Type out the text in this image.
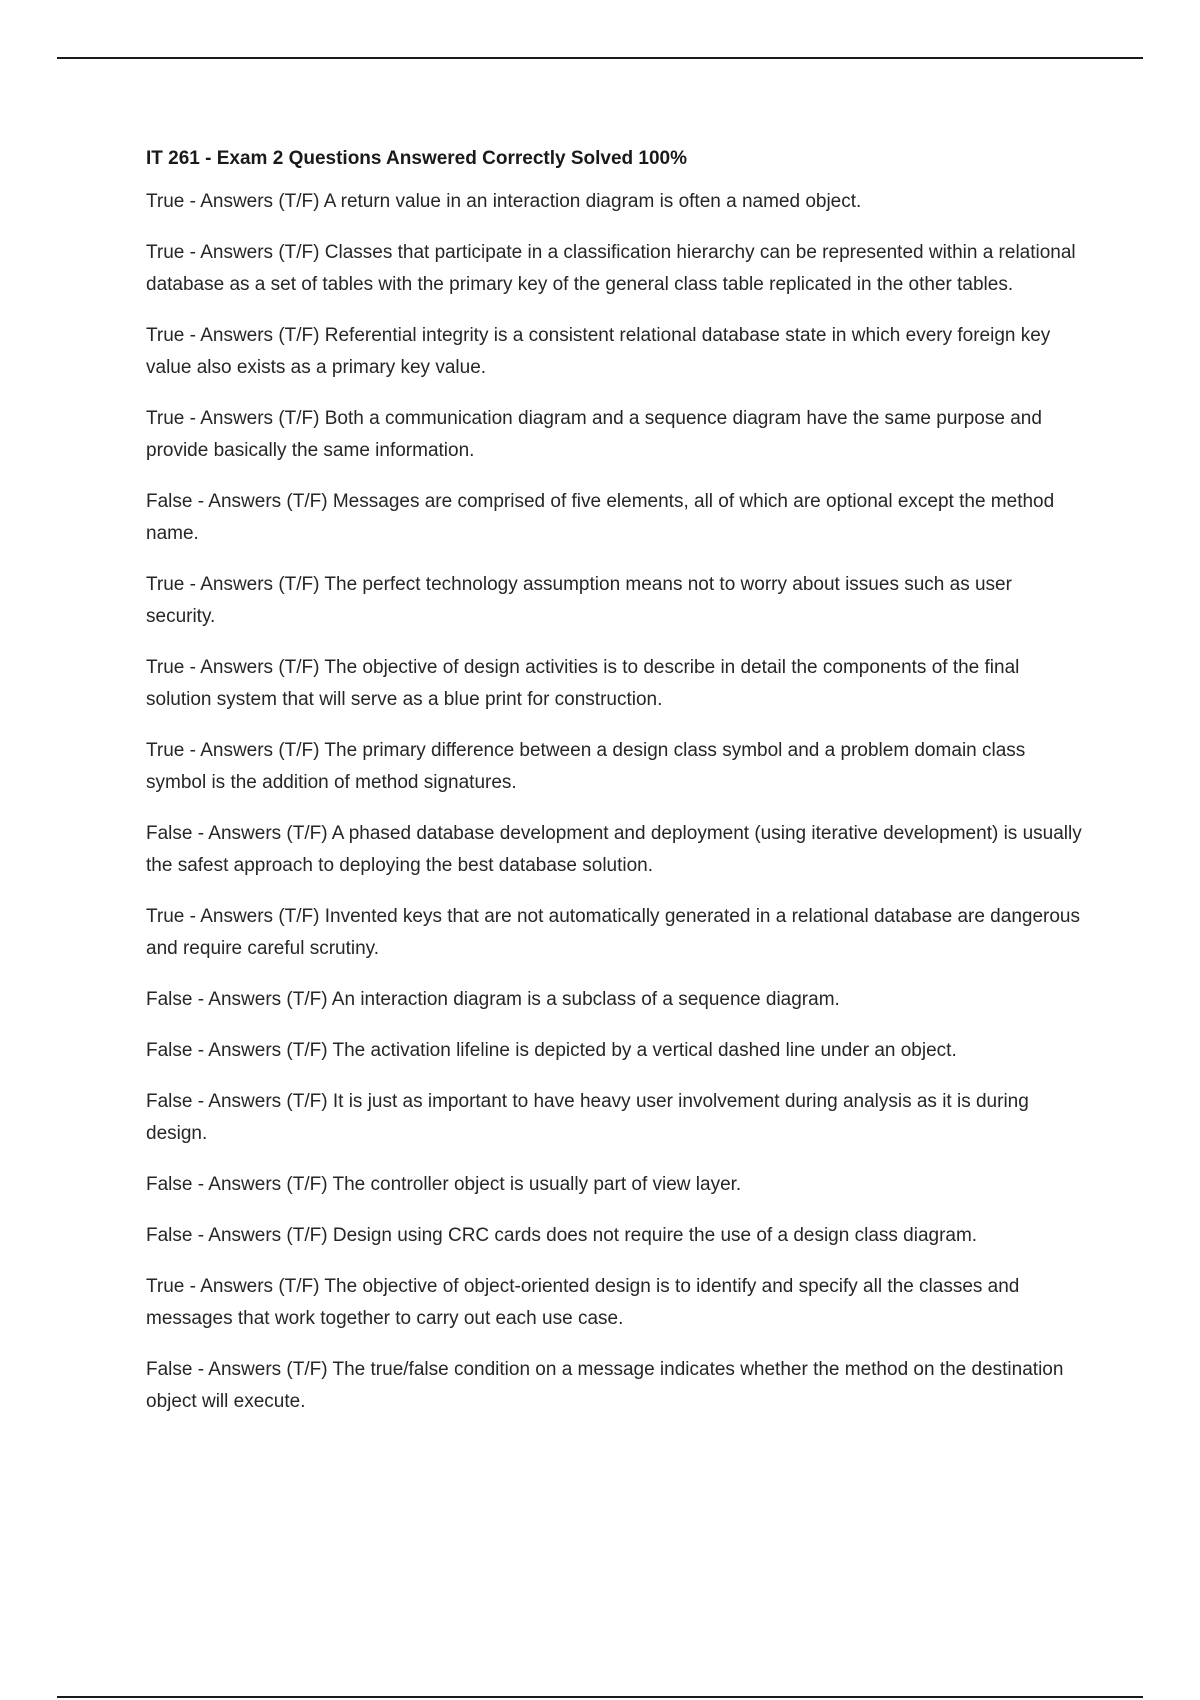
IT 261 - Exam 2 Questions Answered Correctly Solved 100%
True - Answers (T/F) A return value in an interaction diagram is often a named object.
True - Answers (T/F) Classes that participate in a classification hierarchy can be represented within a relational database as a set of tables with the primary key of the general class table replicated in the other tables.
True - Answers (T/F) Referential integrity is a consistent relational database state in which every foreign key value also exists as a primary key value.
True - Answers (T/F) Both a communication diagram and a sequence diagram have the same purpose and provide basically the same information.
False - Answers (T/F) Messages are comprised of five elements, all of which are optional except the method name.
True - Answers (T/F) The perfect technology assumption means not to worry about issues such as user security.
True - Answers (T/F) The objective of design activities is to describe in detail the components of the final solution system that will serve as a blue print for construction.
True - Answers (T/F) The primary difference between a design class symbol and a problem domain class symbol is the addition of method signatures.
False - Answers (T/F) A phased database development and deployment (using iterative development) is usually the safest approach to deploying the best database solution.
True - Answers (T/F) Invented keys that are not automatically generated in a relational database are dangerous and require careful scrutiny.
False - Answers (T/F) An interaction diagram is a subclass of a sequence diagram.
False - Answers (T/F) The activation lifeline is depicted by a vertical dashed line under an object.
False - Answers (T/F) It is just as important to have heavy user involvement during analysis as it is during design.
False - Answers (T/F) The controller object is usually part of view layer.
False - Answers (T/F) Design using CRC cards does not require the use of a design class diagram.
True - Answers (T/F) The objective of object-oriented design is to identify and specify all the classes and messages that work together to carry out each use case.
False - Answers (T/F) The true/false condition on a message indicates whether the method on the destination object will execute.
